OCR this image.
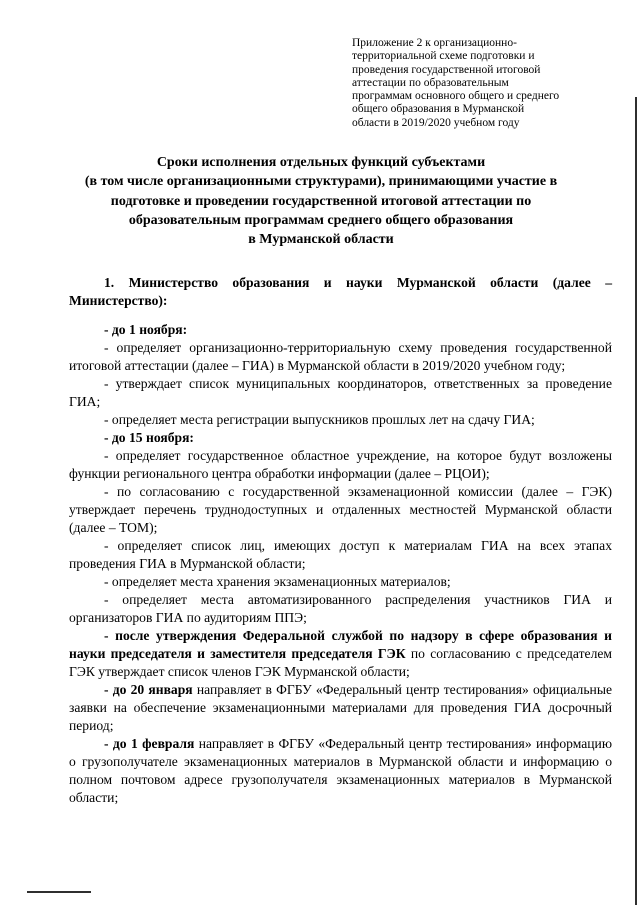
Приложение 2 к организационно-
территориальной схеме подготовки и
проведения государственной итоговой
аттестации по образовательным
программам основного общего и среднего
общего образования в Мурманской
области в 2019/2020 учебном году
Сроки исполнения отдельных функций субъектами
(в том числе организационными структурами), принимающими участие в
подготовке и проведении государственной итоговой аттестации по
образовательным программам среднего общего образования
в Мурманской области

1. Министерство образования и науки Мурманской области (далее – Министерство):

- до 1 ноября:

- определяет организационно-территориальную схему проведения государственной итоговой аттестации (далее – ГИА) в Мурманской области в 2019/2020 учебном году;

- утверждает список муниципальных координаторов, ответственных за проведение ГИА;

- определяет места регистрации выпускников прошлых лет на сдачу ГИА;

- до 15 ноября:

- определяет государственное областное учреждение, на которое будут возложены функции регионального центра обработки информации (далее – РЦОИ);

- по согласованию с государственной экзаменационной комиссии (далее – ГЭК) утверждает перечень труднодоступных и отдаленных местностей Мурманской области (далее – ТОМ);

- определяет список лиц, имеющих доступ к материалам ГИА на всех этапах проведения ГИА в Мурманской области;

- определяет места хранения экзаменационных материалов;

- определяет места автоматизированного распределения участников ГИА и организаторов ГИА по аудиториям ППЭ;

- после утверждения Федеральной службой по надзору в сфере образования и науки председателя и заместителя председателя ГЭК по согласованию с председателем ГЭК утверждает список членов ГЭК Мурманской области;

- до 20 января направляет в ФГБУ «Федеральный центр тестирования» официальные заявки на обеспечение экзаменационными материалами для проведения ГИА досрочный период;

- до 1 февраля направляет в ФГБУ «Федеральный центр тестирования» информацию о грузополучателе экзаменационных материалов в Мурманской области и информацию о полном почтовом адресе грузополучателя экзаменационных материалов в Мурманской области;
